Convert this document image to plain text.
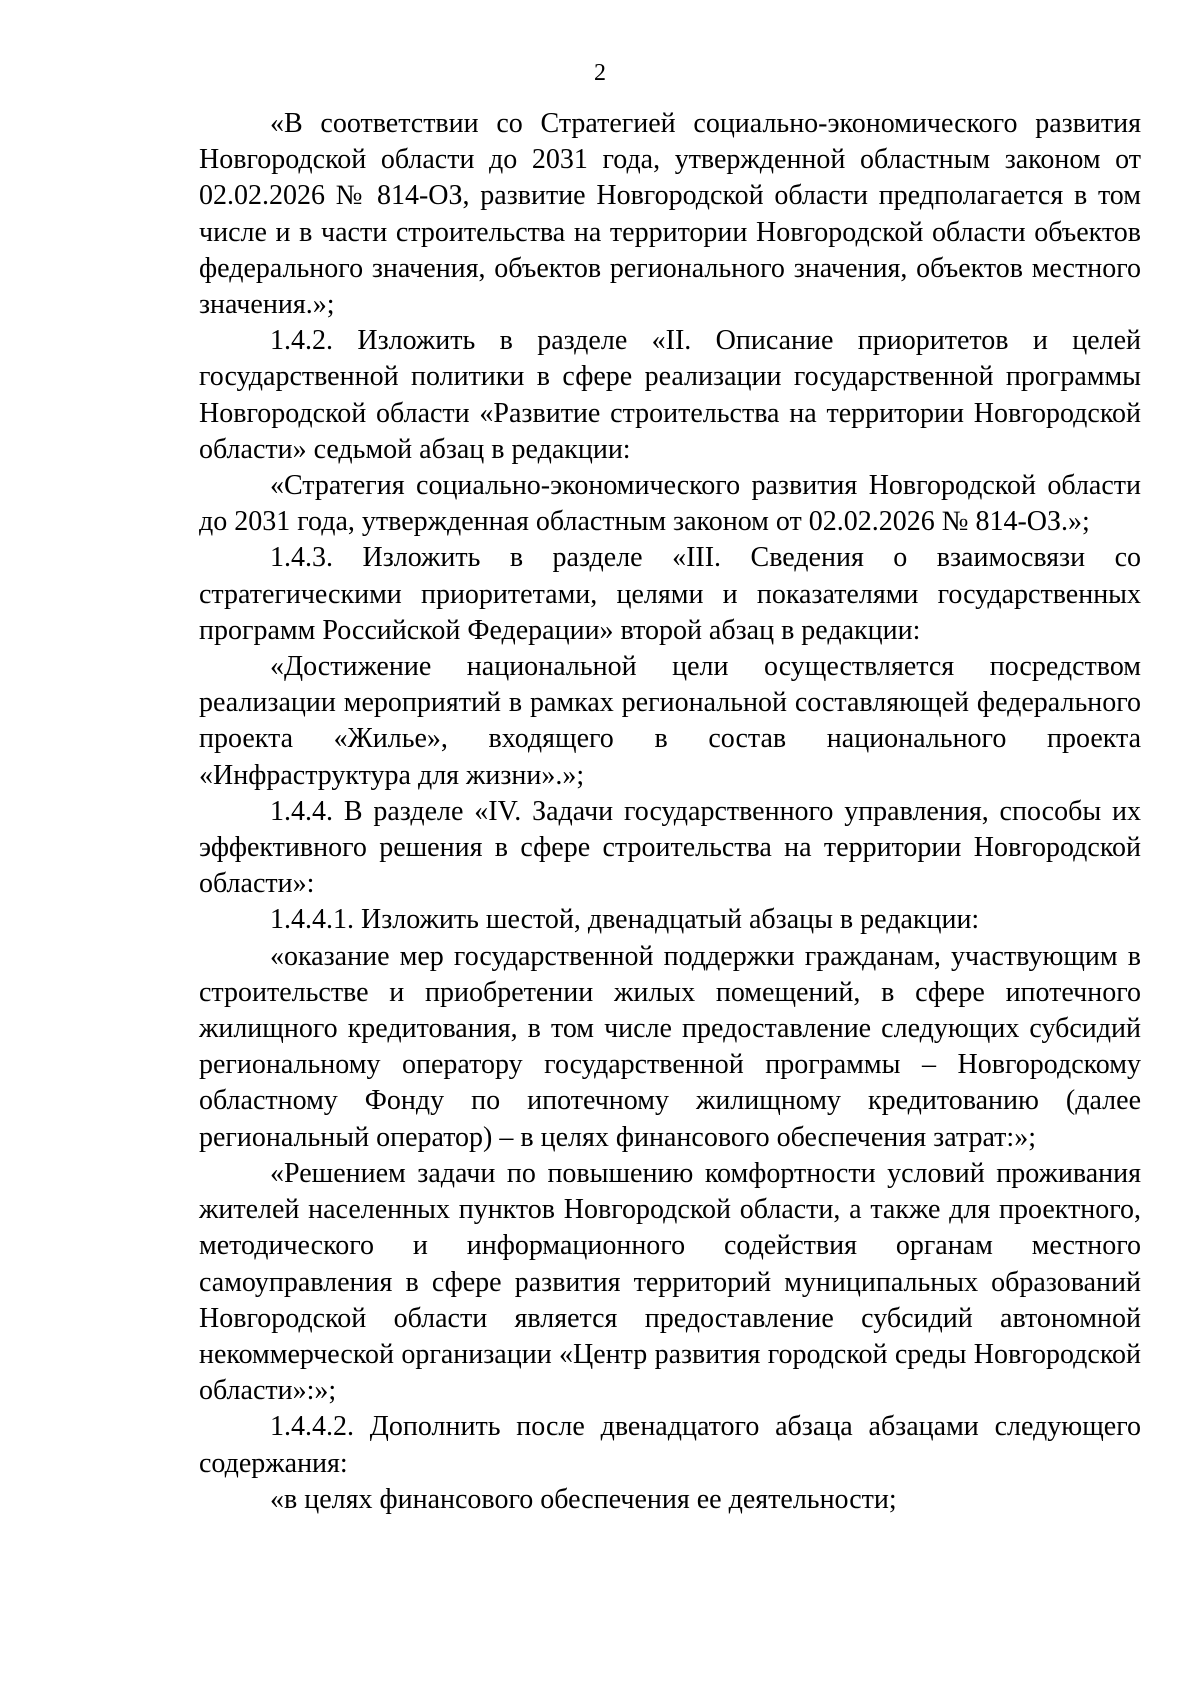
2

«В соответствии со Стратегией социально-экономического развития Новгородской области до 2031 года, утвержденной областным законом от 02.02.2026 № 814-ОЗ, развитие Новгородской области предполагается в том числе и в части строительства на территории Новгородской области объектов федерального значения, объектов регионального значения, объектов местного значения.»;

1.4.2. Изложить в разделе «II. Описание приоритетов и целей государственной политики в сфере реализации государственной программы Новгородской области «Развитие строительства на территории Новгородской области» седьмой абзац в редакции:

«Стратегия социально-экономического развития Новгородской области до 2031 года, утвержденная областным законом от 02.02.2026 № 814-ОЗ.»;

1.4.3. Изложить в разделе «III. Сведения о взаимосвязи со стратегическими приоритетами, целями и показателями государственных программ Российской Федерации» второй абзац в редакции:

«Достижение национальной цели осуществляется посредством реализации мероприятий в рамках региональной составляющей федерального проекта «Жилье», входящего в состав национального проекта «Инфраструктура для жизни».»;

1.4.4. В разделе «IV. Задачи государственного управления, способы их эффективного решения в сфере строительства на территории Новгородской области»:

1.4.4.1. Изложить шестой, двенадцатый абзацы в редакции:

«оказание мер государственной поддержки гражданам, участвующим в строительстве и приобретении жилых помещений, в сфере ипотечного жилищного кредитования, в том числе предоставление следующих субсидий региональному оператору государственной программы – Новгородскому областному Фонду по ипотечному жилищному кредитованию (далее региональный оператор) – в целях финансового обеспечения затрат:»;

«Решением задачи по повышению комфортности условий проживания жителей населенных пунктов Новгородской области, а также для проектного, методического и информационного содействия органам местного самоуправления в сфере развития территорий муниципальных образований Новгородской области является предоставление субсидий автономной некоммерческой организации «Центр развития городской среды Новгородской области»:»;

1.4.4.2. Дополнить после двенадцатого абзаца абзацами следующего содержания:

«в целях финансового обеспечения ее деятельности;
